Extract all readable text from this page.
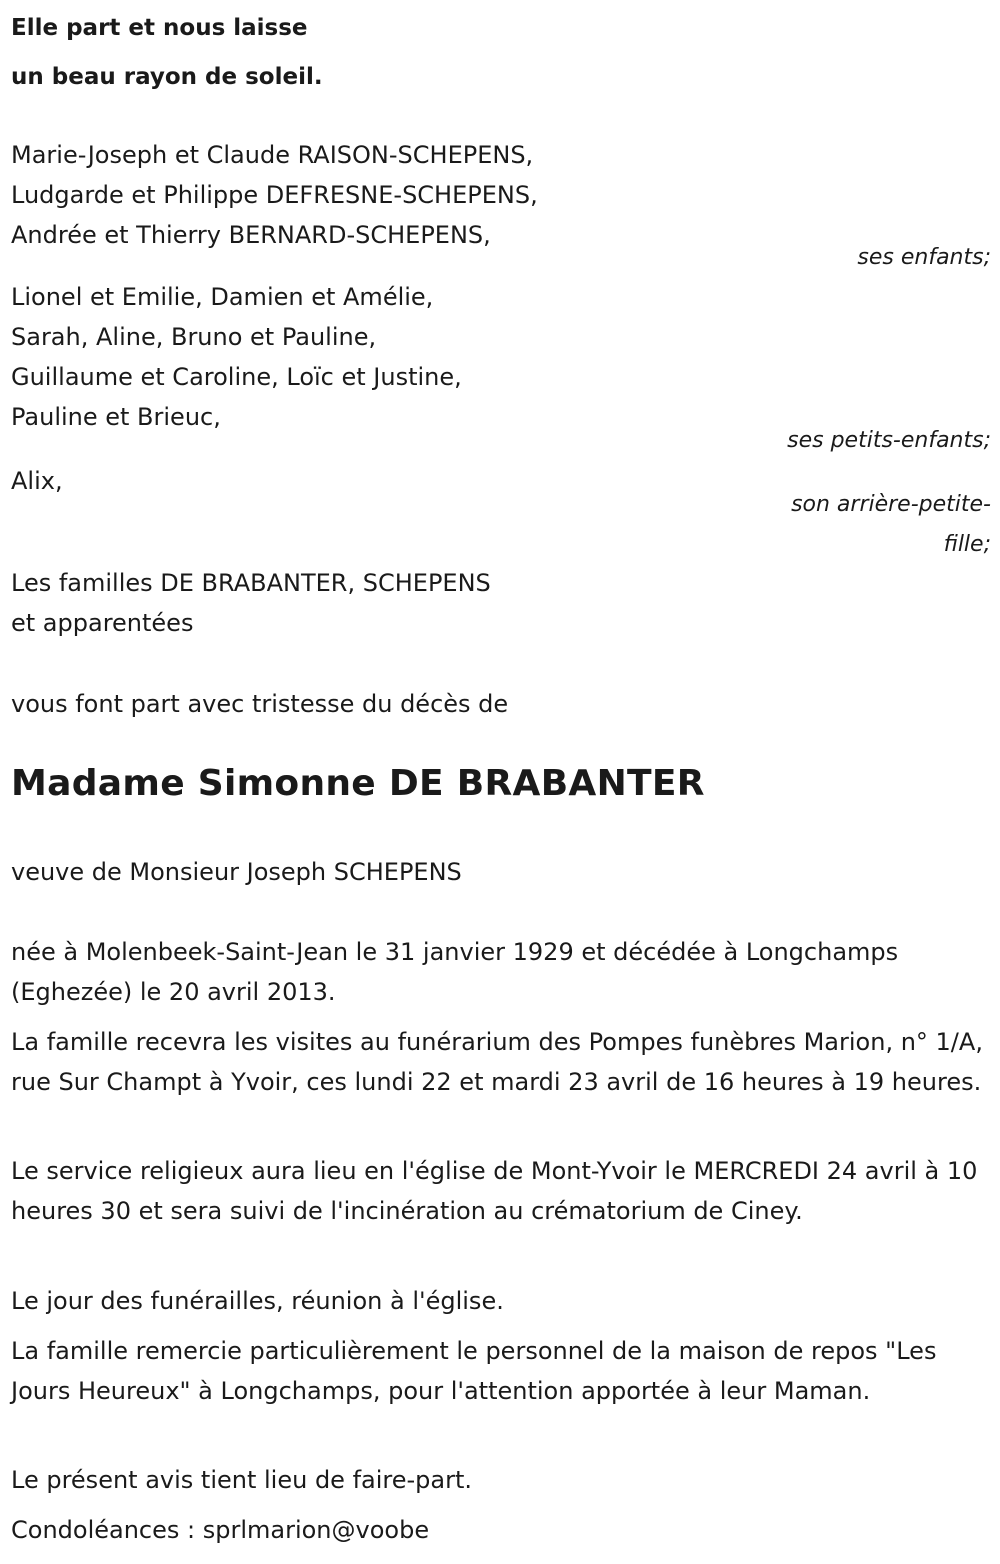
Elle part et nous laisse
un beau rayon de soleil.
Marie-Joseph et Claude RAISON-SCHEPENS,
Ludgarde et Philippe DEFRESNE-SCHEPENS,
Andrée et Thierry BERNARD-SCHEPENS,
ses enfants;
Lionel et Emilie, Damien et Amélie,
Sarah, Aline, Bruno et Pauline,
Guillaume et Caroline, Loïc et Justine,
Pauline et Brieuc,
ses petits-enfants;
Alix,
son arrière-petite-
fille;
Les familles DE BRABANTER, SCHEPENS
et apparentées
vous font part avec tristesse du décès de
Madame Simonne DE BRABANTER
veuve de Monsieur Joseph SCHEPENS
née à Molenbeek-Saint-Jean le 31 janvier 1929 et décédée à Longchamps (Eghezée) le 20 avril 2013.
La famille recevra les visites au funérarium des Pompes funèbres Marion, n° 1/A, rue Sur Champt à Yvoir, ces lundi 22 et mardi 23 avril de 16 heures à 19 heures.
Le service religieux aura lieu en l'église de Mont-Yvoir le MERCREDI 24 avril à 10 heures 30 et sera suivi de l'incinération au crématorium de Ciney.
Le jour des funérailles, réunion à l'église.
La famille remercie particulièrement le personnel de la maison de repos "Les Jours Heureux" à Longchamps, pour l'attention apportée à leur Maman.
Le présent avis tient lieu de faire-part.
Condoléances : sprlmarion@voobe
